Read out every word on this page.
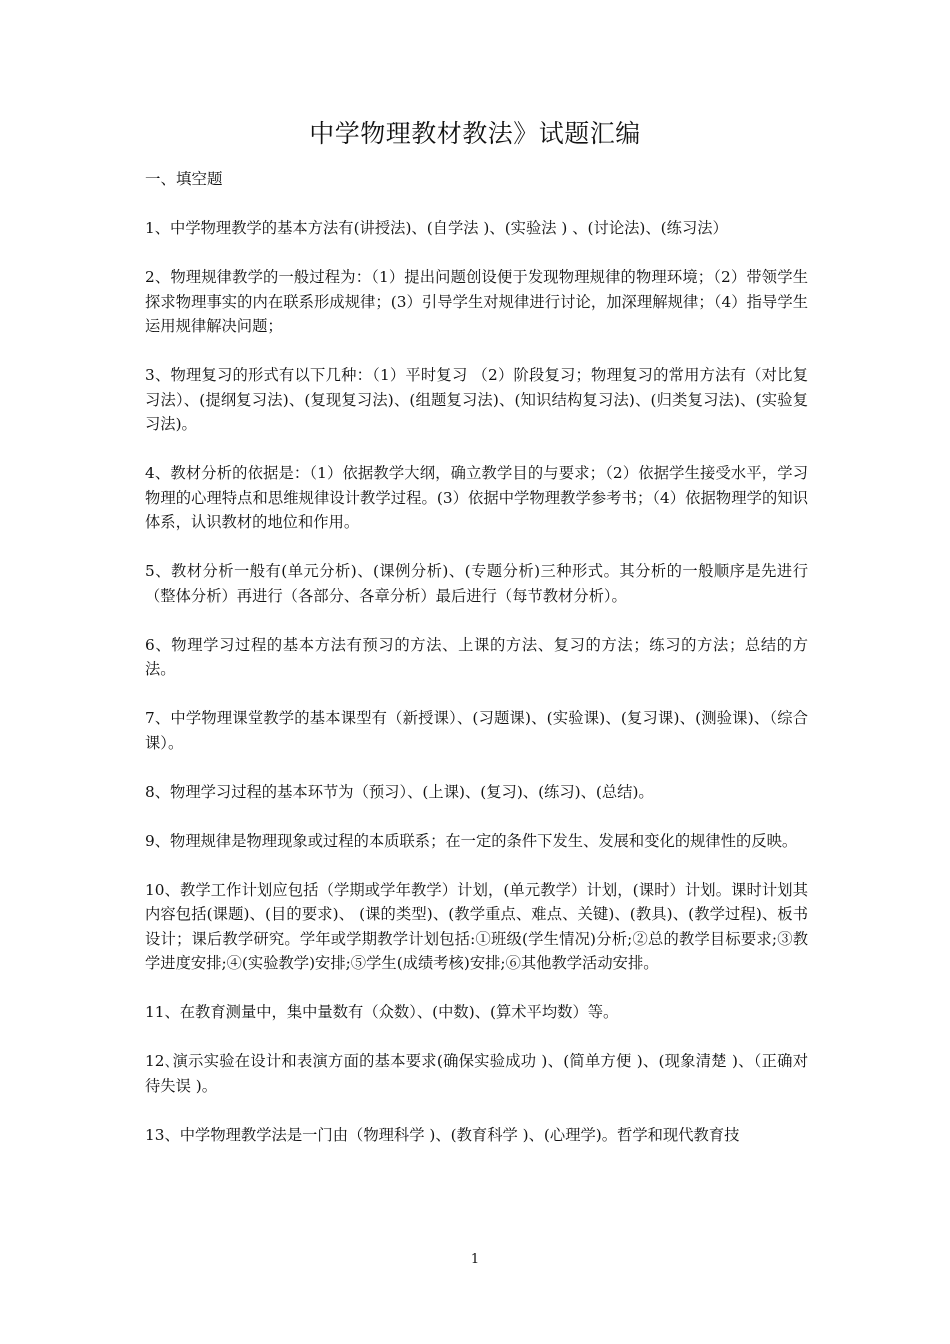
中学物理教材教法》试题汇编

一、填空题

1、中学物理教学的基本方法有(讲授法)、(自学法 )、(实验法 ) 、(讨论法)、(练习法）
2、物理规律教学的一般过程为：（1）提出问题创设便于发现物理规律的物理环境；（2）带领学生探求物理事实的内在联系形成规律；(3）引导学生对规律进行讨论，加深理解规律；（4）指导学生运用规律解决问题；
3、物理复习的形式有以下几种：（1）平时复习 （2）阶段复习；物理复习的常用方法有（对比复习法）、(提纲复习法)、(复现复习法)、(组题复习法)、(知识结构复习法)、(归类复习法)、(实验复习法)。
4、教材分析的依据是：（1）依据教学大纲，确立教学目的与要求；（2）依据学生接受水平，学习物理的心理特点和思维规律设计教学过程。(3）依据中学物理教学参考书；（4）依据物理学的知识体系，认识教材的地位和作用。
5、教材分析一般有(单元分析)、(课例分析)、(专题分析)三种形式。其分析的一般顺序是先进行（整体分析）再进行（各部分、各章分析）最后进行（每节教材分析）。
6、物理学习过程的基本方法有预习的方法、上课的方法、复习的方法；练习的方法；总结的方法。
7、中学物理课堂教学的基本课型有（新授课）、(习题课)、(实验课)、(复习课)、(测验课)、（综合课）。
8、物理学习过程的基本环节为（预习）、(上课)、(复习)、(练习)、(总结)。
9、物理规律是物理现象或过程的本质联系；在一定的条件下发生、发展和变化的规律性的反映。
10、教学工作计划应包括（学期或学年教学）计划，(单元教学）计划，(课时）计划。课时计划其内容包括(课题)、(目的要求)、 (课的类型)、(教学重点、难点、关键)、(教具)、(教学过程)、板书设计；课后教学研究。学年或学期教学计划包括:①班级(学生情况)分析;②总的教学目标要求;③教学进度安排;④(实验教学)安排;⑤学生(成绩考核)安排;⑥其他教学活动安排。
11、在教育测量中，集中量数有（众数）、(中数)、(算术平均数）等。
12､演示实验在设计和表演方面的基本要求(确保实验成功 )、(简单方便 )、(现象清楚 )、（正确对待失误 )。
13、中学物理教学法是一门由（物理科学 )、(教育科学 )、(心理学)。哲学和现代教育技

1
